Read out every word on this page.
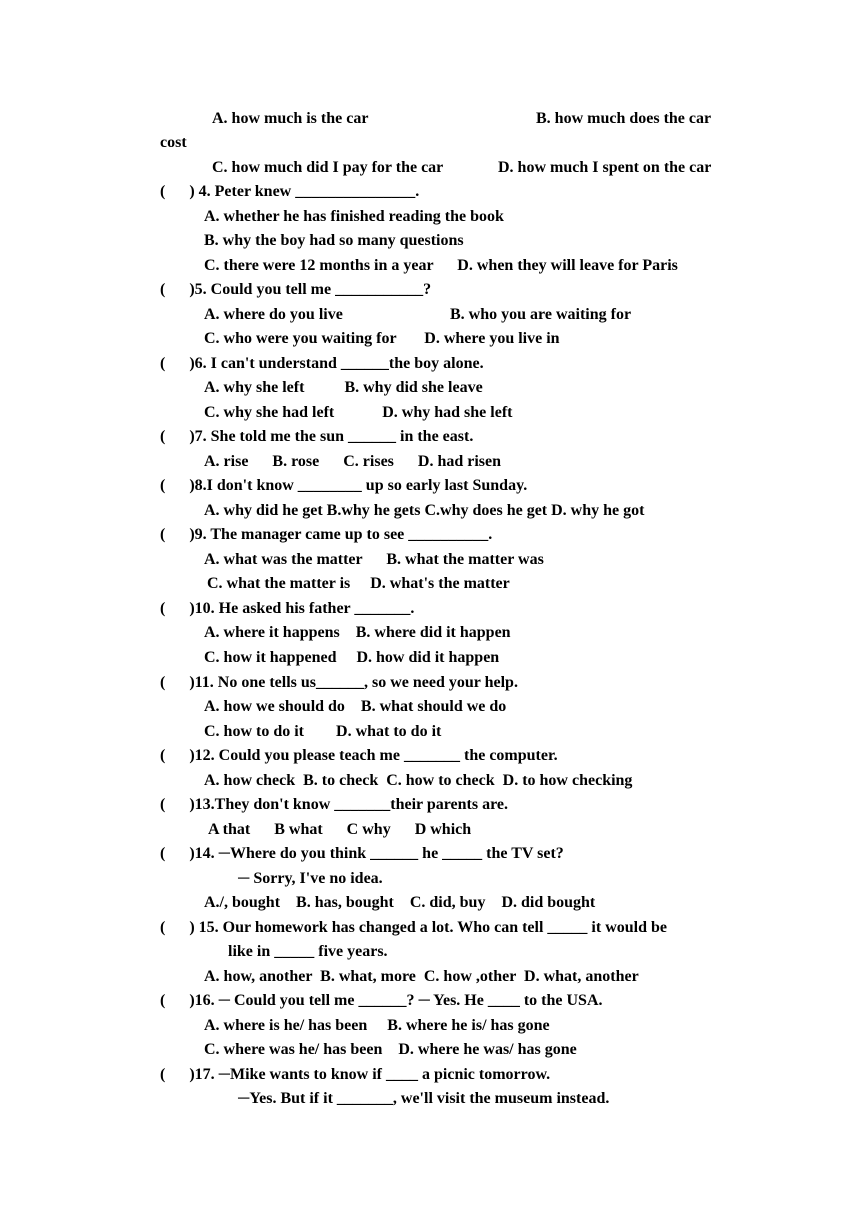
A. how much is the car	B. how much does the car
cost
C. how much did I pay for the car	D. how much I spent on the car
(      ) 4. Peter knew _______________.
A. whether he has finished reading the book
B. why the boy had so many questions
C. there were 12 months in a year      D. when they will leave for Paris
(      )5. Could you tell me ___________?
A. where do you live	B. who you are waiting for
C. who were you waiting for       D. where you live in
(      )6. I can't understand ______the boy alone.
A. why she left          B. why did she leave
C. why she had left            D. why had she left
(      )7. She told me the sun ______ in the east.
A. rise      B. rose      C. rises      D. had risen
(      )8.I don't know ________ up so early last Sunday.
A. why did he get B.why he gets C.why does he get D. why he got
(      )9. The manager came up to see __________.
A. what was the matter      B. what the matter was
C. what the matter is     D. what's the matter
(      )10. He asked his father _______.
A. where it happens    B. where did it happen
C. how it happened     D. how did it happen
(      )11. No one tells us______, so we need your help.
A. how we should do    B. what should we do
C. how to do it        D. what to do it
(      )12. Could you please teach me _______ the computer.
A. how check  B. to check  C. how to check  D. to how checking
(      )13.They don't know _______their parents are.
A that      B what      C why      D which
(      )14. ─Where do you think ______ he _____ the TV set?
─ Sorry, I've no idea.
A./, bought    B. has, bought    C. did, buy    D. did bought
(      ) 15. Our homework has changed a lot. Who can tell _____ it would be
like in _____ five years.
A. how, another  B. what, more  C. how ,other  D. what, another
(      )16. ─ Could you tell me ______? ─ Yes. He ____ to the USA.
A. where is he/ has been     B. where he is/ has gone
C. where was he/ has been    D. where he was/ has gone
(      )17. ─Mike wants to know if ____ a picnic tomorrow.
─Yes. But if it _______, we'll visit the museum instead.
